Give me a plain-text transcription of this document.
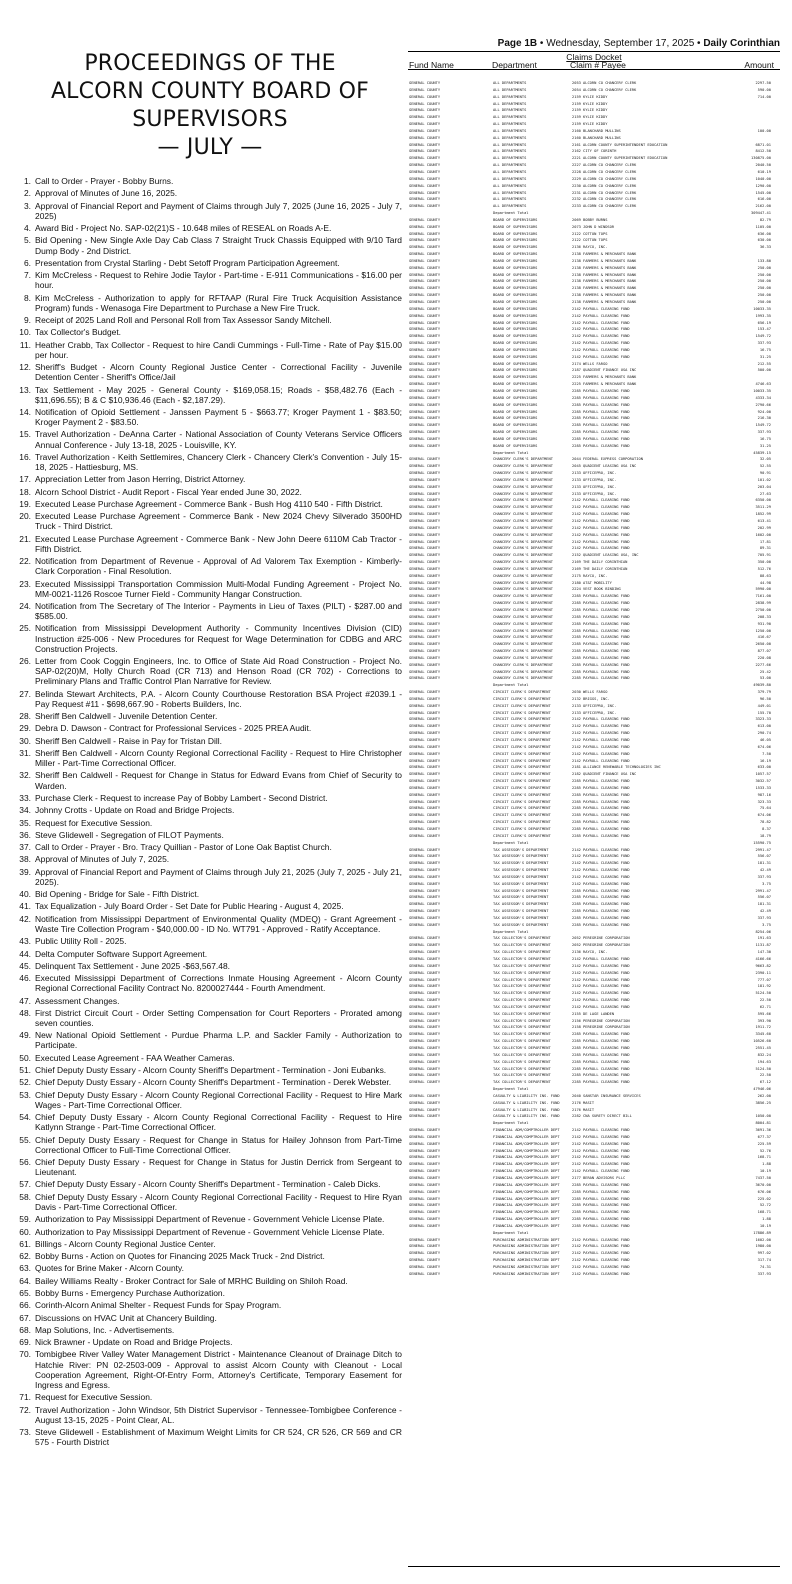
Page 1B • Wednesday, September 17, 2025 • Daily Corinthian
PROCEEDINGS OF THE
ALCORN COUNTY BOARD OF
SUPERVISORS
— JULY —
1. Call to Order - Prayer - Bobby Burns.
2. Approval of Minutes of June 16, 2025.
3. Approval of Financial Report and Payment of Claims through July 7, 2025 (June 16, 2025 - July 7, 2025)
4. Award Bid - Project No. SAP-02(21)S - 10.648 miles of RESEAL on Roads A-E.
5. Bid Opening - New Single Axle Day Cab Class 7 Straight Truck Chassis Equipped with 9/10 Tard Dump Body - 2nd District.
6. Presentation from Crystal Starling - Debt Setoff Program Participation Agreement.
7. Kim McCreless - Request to Rehire Jodie Taylor - Part-time - E-911 Communications - $16.00 per hour.
8. Kim McCreless - Authorization to apply for RFTAAP (Rural Fire Truck Acquisition Assistance Program) funds - Wenasoga Fire Department to Purchase a New Fire Truck.
9. Receipt of 2025 Land Roll and Personal Roll from Tax Assessor Sandy Mitchell.
10. Tax Collector's Budget.
11. Heather Crabb, Tax Collector - Request to hire Candi Cummings - Full-Time - Rate of Pay $15.00 per hour.
12. Sheriff's Budget - Alcorn County Regional Justice Center - Correctional Facility - Juvenile Detention Center - Sheriff's Office/Jail
13. Tax Settlement - May 2025 - General County - $169,058.15; Roads - $58,482.76 (Each - $11,696.55); B & C $10,936.46 (Each - $2,187.29).
14. Notification of Opioid Settlement - Janssen Payment 5 - $663.77; Kroger Payment 1 - $83.50; Kroger Payment 2 - $83.50.
15. Travel Authorization - DeAnna Carter - National Association of County Veterans Service Officers Annual Conference - July 13-18, 2025 - Louisville, KY.
16. Travel Authorization - Keith Settlemires, Chancery Clerk - Chancery Clerk's Convention - July 15-18, 2025 - Hattiesburg, MS.
17. Appreciation Letter from Jason Herring, District Attorney.
18. Alcorn School District - Audit Report - Fiscal Year ended June 30, 2022.
19. Executed Lease Purchase Agreement - Commerce Bank - Bush Hog 4110 540 - Fifth District.
20. Executed Lease Purchase Agreement - Commerce Bank - New 2024 Chevy Silverado 3500HD Truck - Third District.
21. Executed Lease Purchase Agreement - Commerce Bank - New John Deere 6110M Cab Tractor - Fifth District.
22. Notification from Department of Revenue - Approval of Ad Valorem Tax Exemption - Kimberly-Clark Corporation - Final Resolution.
23. Executed Mississippi Transportation Commission Multi-Modal Funding Agreement - Project No. MM-0021-1126 Roscoe Turner Field - Community Hangar Construction.
24. Notification from The Secretary of The Interior - Payments in Lieu of Taxes (PILT) - $287.00 and $585.00.
25. Notification from Mississippi Development Authority - Community Incentives Division (CID) Instruction #25-006 - New Procedures for Request for Wage Determination for CDBG and ARC Construction Projects.
26. Letter from Cook Coggin Engineers, Inc. to Office of State Aid Road Construction - Project No. SAP-02(20)M, Holly Church Road (CR 713) and Henson Road (CR 702) - Corrections to Preliminary Plans and Traffic Control Plan Narrative for Review.
27. Belinda Stewart Architects, P.A. - Alcorn County Courthouse Restoration BSA Project #2039.1 - Pay Request #11 - $698,667.90 - Roberts Builders, Inc.
28. Sheriff Ben Caldwell - Juvenile Detention Center.
29. Debra D. Dawson - Contract for Professional Services - 2025 PREA Audit.
30. Sheriff Ben Caldwell - Raise in Pay for Tristan Dill.
31. Sheriff Ben Caldwell - Alcorn County Regional Correctional Facility - Request to Hire Christopher Miller - Part-Time Correctional Officer.
32. Sheriff Ben Caldwell - Request for Change in Status for Edward Evans from Chief of Security to Warden.
33. Purchase Clerk - Request to increase Pay of Bobby Lambert - Second District.
34. Johnny Crotts - Update on Road and Bridge Projects.
35. Request for Executive Session.
36. Steve Glidewell - Segregation of FILOT Payments.
37. Call to Order - Prayer - Bro. Tracy Quillian - Pastor of Lone Oak Baptist Church.
38. Approval of Minutes of July 7, 2025.
39. Approval of Financial Report and Payment of Claims through July 21, 2025 (July 7, 2025 - July 21, 2025).
40. Bid Opening - Bridge for Sale - Fifth District.
41. Tax Equalization - July Board Order - Set Date for Public Hearing - August 4, 2025.
42. Notification from Mississippi Department of Environmental Quality (MDEQ) - Grant Agreement - Waste Tire Collection Program - $40,000.00 - ID No. WT791 - Approved - Ratify Acceptance.
43. Public Utility Roll - 2025.
44. Delta Computer Software Support Agreement.
45. Delinquent Tax Settlement - June 2025 -$63,567.48.
46. Executed Mississippi Department of Corrections Inmate Housing Agreement - Alcorn County Regional Correctional Facility Contract No. 8200027444 - Fourth Amendment.
47. Assessment Changes.
48. First District Circuit Court - Order Setting Compensation for Court Reporters - Prorated among seven counties.
49. New National Opioid Settlement - Purdue Pharma L.P. and Sackler Family - Authorization to Participate.
50. Executed Lease Agreement - FAA Weather Cameras.
51. Chief Deputy Dusty Essary - Alcorn County Sheriff's Department - Termination - Joni Eubanks.
52. Chief Deputy Dusty Essary - Alcorn County Sheriff's Department - Termination - Derek Webster.
53. Chief Deputy Dusty Essary - Alcorn County Regional Correctional Facility - Request to Hire Mark Wages - Part-Time Correctional Officer.
54. Chief Deputy Dusty Essary - Alcorn County Regional Correctional Facility - Request to Hire Katlynn Strange - Part-Time Correctional Officer.
55. Chief Deputy Dusty Essary - Request for Change in Status for Hailey Johnson from Part-Time Correctional Officer to Full-Time Correctional Officer.
56. Chief Deputy Dusty Essary - Request for Change in Status for Justin Derrick from Sergeant to Lieutenant.
57. Chief Deputy Dusty Essary - Alcorn County Sheriff's Department - Termination - Caleb Dicks.
58. Chief Deputy Dusty Essary - Alcorn County Regional Correctional Facility - Request to Hire Ryan Davis - Part-Time Correctional Officer.
59. Authorization to Pay Mississippi Department of Revenue - Government Vehicle License Plate.
60. Authorization to Pay Mississippi Department of Revenue - Government Vehicle License Plate.
61. Billings - Alcorn County Regional Justice Center.
62. Bobby Burns - Action on Quotes for Financing 2025 Mack Truck - 2nd District.
63. Quotes for Brine Maker - Alcorn County.
64. Bailey Williams Realty - Broker Contract for Sale of MRHC Building on Shiloh Road.
65. Bobby Burns - Emergency Purchase Authorization.
66. Corinth-Alcorn Animal Shelter - Request Funds for Spay Program.
67. Discussions on HVAC Unit at Chancery Building.
68. Map Solutions, Inc. - Advertisements.
69. Nick Brawner - Update on Road and Bridge Projects.
70. Tombigbee River Valley Water Management District - Maintenance Cleanout of Drainage Ditch to Hatchie River: PN 02-2503-009 - Approval to assist Alcorn County with Cleanout - Local Cooperation Agreement, Right-Of-Entry Form, Attorney's Certificate, Temporary Easement for Ingress and Egress.
71. Request for Executive Session.
72. Travel Authorization - John Windsor, 5th District Supervisor - Tennessee-Tombigbee Conference - August 13-15, 2025 - Point Clear, AL.
73. Steve Glidewell - Establishment of Maximum Weight Limits for CR 524, CR 526, CR 569 and CR 575 - Fourth District
Claims Docket
Fund Name	Department	Claim # Payee	Amount
GENERAL COUNTY	ALL DEPARTMENTS	2053 ALCORN CO CHANCERY CLERK	2297.50
GENERAL COUNTY	ALL DEPARTMENTS	2054 ALCORN CO CHANCERY CLERK	590.00
GENERAL COUNTY	ALL DEPARTMENTS	2159 KYLIE KIDDY	714.00
GENERAL COUNTY	ALL DEPARTMENTS	2159 KYLIE KIDDY
GENERAL COUNTY	ALL DEPARTMENTS	2159 KYLIE KIDDY
GENERAL COUNTY	ALL DEPARTMENTS	2159 KYLIE KIDDY
GENERAL COUNTY	ALL DEPARTMENTS	2159 KYLIE KIDDY
GENERAL COUNTY	ALL DEPARTMENTS	2160 BLANCHARD MULLINS	100.00
GENERAL COUNTY	ALL DEPARTMENTS	2160 BLANCHARD MULLINS
GENERAL COUNTY	ALL DEPARTMENTS	2161 ALCORN COUNTY SUPERINTENDENT EDUCATION	6871.01
GENERAL COUNTY	ALL DEPARTMENTS	2162 CITY OF CORINTH	8412.50
GENERAL COUNTY	ALL DEPARTMENTS	2221 ALCORN COUNTY SUPERINTENDENT EDUCATION	130875.00
GENERAL COUNTY	ALL DEPARTMENTS	2227 ALCORN CO CHANCERY CLERK	2040.50
GENERAL COUNTY	ALL DEPARTMENTS	2228 ALCORN CO CHANCERY CLERK	610.19
GENERAL COUNTY	ALL DEPARTMENTS	2229 ALCORN CO CHANCERY CLERK	1040.00
GENERAL COUNTY	ALL DEPARTMENTS	2230 ALCORN CO CHANCERY CLERK	1290.00
GENERAL COUNTY	ALL DEPARTMENTS	2231 ALCORN CO CHANCERY CLERK	1545.00
GENERAL COUNTY	ALL DEPARTMENTS	2232 ALCORN CO CHANCERY CLERK	616.00
GENERAL COUNTY	ALL DEPARTMENTS	2233 ALCORN CO CHANCERY CLERK	2162.00
Department Total	309447.41
GENERAL COUNTY	BOARD OF SUPERVISORS	2069 BOBBY BURNS	82.79
GENERAL COUNTY	BOARD OF SUPERVISORS	2073 JOHN D WINDSOR	1105.00
GENERAL COUNTY	BOARD OF SUPERVISORS	2122 COTTON TOPS	636.00
GENERAL COUNTY	BOARD OF SUPERVISORS	2122 COTTON TOPS	630.00
GENERAL COUNTY	BOARD OF SUPERVISORS	2136 RAYCO, INC.	36.33
GENERAL COUNTY	BOARD OF SUPERVISORS	2138 FARMERS & MERCHANTS BANK
GENERAL COUNTY	BOARD OF SUPERVISORS	2138 FARMERS & MERCHANTS BANK	133.80
GENERAL COUNTY	BOARD OF SUPERVISORS	2138 FARMERS & MERCHANTS BANK	250.00
GENERAL COUNTY	BOARD OF SUPERVISORS	2138 FARMERS & MERCHANTS BANK	250.00
GENERAL COUNTY	BOARD OF SUPERVISORS	2138 FARMERS & MERCHANTS BANK	250.00
GENERAL COUNTY	BOARD OF SUPERVISORS	2138 FARMERS & MERCHANTS BANK	250.00
GENERAL COUNTY	BOARD OF SUPERVISORS	2138 FARMERS & MERCHANTS BANK	250.00
GENERAL COUNTY	BOARD OF SUPERVISORS	2138 FARMERS & MERCHANTS BANK	250.00
GENERAL COUNTY	BOARD OF SUPERVISORS	2142 PAYROLL CLEARING FUND	10033.35
GENERAL COUNTY	BOARD OF SUPERVISORS	2142 PAYROLL CLEARING FUND	1993.35
GENERAL COUNTY	BOARD OF SUPERVISORS	2142 PAYROLL CLEARING FUND	656.19
GENERAL COUNTY	BOARD OF SUPERVISORS	2142 PAYROLL CLEARING FUND	153.47
GENERAL COUNTY	BOARD OF SUPERVISORS	2142 PAYROLL CLEARING FUND	1549.72
GENERAL COUNTY	BOARD OF SUPERVISORS	2142 PAYROLL CLEARING FUND	337.93
GENERAL COUNTY	BOARD OF SUPERVISORS	2142 PAYROLL CLEARING FUND	16.75
GENERAL COUNTY	BOARD OF SUPERVISORS	2142 PAYROLL CLEARING FUND	31.25
GENERAL COUNTY	BOARD OF SUPERVISORS	2174 WELLS FARGO	212.55
GENERAL COUNTY	BOARD OF SUPERVISORS	2187 QUADIENT FINANCE USA INC	500.00
GENERAL COUNTY	BOARD OF SUPERVISORS	2225 FARMERS & MERCHANTS BANK
GENERAL COUNTY	BOARD OF SUPERVISORS	2225 FARMERS & MERCHANTS BANK	4746.63
GENERAL COUNTY	BOARD OF SUPERVISORS	2285 PAYROLL CLEARING FUND	10033.35
GENERAL COUNTY	BOARD OF SUPERVISORS	2285 PAYROLL CLEARING FUND	4333.34
GENERAL COUNTY	BOARD OF SUPERVISORS	2285 PAYROLL CLEARING FUND	2790.66
GENERAL COUNTY	BOARD OF SUPERVISORS	2285 PAYROLL CLEARING FUND	924.00
GENERAL COUNTY	BOARD OF SUPERVISORS	2285 PAYROLL CLEARING FUND	216.30
GENERAL COUNTY	BOARD OF SUPERVISORS	2285 PAYROLL CLEARING FUND	1549.72
GENERAL COUNTY	BOARD OF SUPERVISORS	2285 PAYROLL CLEARING FUND	337.93
GENERAL COUNTY	BOARD OF SUPERVISORS	2285 PAYROLL CLEARING FUND	16.75
GENERAL COUNTY	BOARD OF SUPERVISORS	2285 PAYROLL CLEARING FUND	31.25
Department Total	45839.15
GENERAL COUNTY	CHANCERY CLERK'S DEPARTMENT	2044 FEDERAL EXPRESS CORPORATION	32.05
GENERAL COUNTY	CHANCERY CLERK'S DEPARTMENT	2045 QUADIENT LEASING USA INC	52.55
GENERAL COUNTY	CHANCERY CLERK'S DEPARTMENT	2133 OFFICEPRO, INC.	90.91
GENERAL COUNTY	CHANCERY CLERK'S DEPARTMENT	2133 OFFICEPRO, INC.	101.02
GENERAL COUNTY	CHANCERY CLERK'S DEPARTMENT	2133 OFFICEPRO, INC.	203.04
GENERAL COUNTY	CHANCERY CLERK'S DEPARTMENT	2133 OFFICEPRO, INC.	27.63
GENERAL COUNTY	CHANCERY CLERK'S DEPARTMENT	2142 PAYROLL CLEARING FUND	6350.00
GENERAL COUNTY	CHANCERY CLERK'S DEPARTMENT	2142 PAYROLL CLEARING FUND	3511.29
GENERAL COUNTY	CHANCERY CLERK'S DEPARTMENT	2142 PAYROLL CLEARING FUND	1852.99
GENERAL COUNTY	CHANCERY CLERK'S DEPARTMENT	2142 PAYROLL CLEARING FUND	613.41
GENERAL COUNTY	CHANCERY CLERK'S DEPARTMENT	2142 PAYROLL CLEARING FUND	202.99
GENERAL COUNTY	CHANCERY CLERK'S DEPARTMENT	2142 PAYROLL CLEARING FUND	1602.00
GENERAL COUNTY	CHANCERY CLERK'S DEPARTMENT	2142 PAYROLL CLEARING FUND	17.81
GENERAL COUNTY	CHANCERY CLERK'S DEPARTMENT	2142 PAYROLL CLEARING FUND	89.31
GENERAL COUNTY	CHANCERY CLERK'S DEPARTMENT	2152 QUADIENT LEASING USA, INC	705.91
GENERAL COUNTY	CHANCERY CLERK'S DEPARTMENT	2169 THE DAILY CORINTHIAN	350.00
GENERAL COUNTY	CHANCERY CLERK'S DEPARTMENT	2169 THE DAILY CORINTHIAN	512.76
GENERAL COUNTY	CHANCERY CLERK'S DEPARTMENT	2175 RAYCO, INC.	88.63
GENERAL COUNTY	CHANCERY CLERK'S DEPARTMENT	2180 AT&T MOBILITY	44.98
GENERAL COUNTY	CHANCERY CLERK'S DEPARTMENT	2224 VEST BOOK BINDING	5990.00
GENERAL COUNTY	CHANCERY CLERK'S DEPARTMENT	2285 PAYROLL CLEARING FUND	7161.00
GENERAL COUNTY	CHANCERY CLERK'S DEPARTMENT	2285 PAYROLL CLEARING FUND	2838.99
GENERAL COUNTY	CHANCERY CLERK'S DEPARTMENT	2285 PAYROLL CLEARING FUND	2750.00
GENERAL COUNTY	CHANCERY CLERK'S DEPARTMENT	2285 PAYROLL CLEARING FUND	208.33
GENERAL COUNTY	CHANCERY CLERK'S DEPARTMENT	2285 PAYROLL CLEARING FUND	931.90
GENERAL COUNTY	CHANCERY CLERK'S DEPARTMENT	2285 PAYROLL CLEARING FUND	1250.00
GENERAL COUNTY	CHANCERY CLERK'S DEPARTMENT	2285 PAYROLL CLEARING FUND	416.67
GENERAL COUNTY	CHANCERY CLERK'S DEPARTMENT	2285 PAYROLL CLEARING FUND	2650.00
GENERAL COUNTY	CHANCERY CLERK'S DEPARTMENT	2285 PAYROLL CLEARING FUND	877.07
GENERAL COUNTY	CHANCERY CLERK'S DEPARTMENT	2285 PAYROLL CLEARING FUND	220.08
GENERAL COUNTY	CHANCERY CLERK'S DEPARTMENT	2285 PAYROLL CLEARING FUND	2277.66
GENERAL COUNTY	CHANCERY CLERK'S DEPARTMENT	2285 PAYROLL CLEARING FUND	25.42
GENERAL COUNTY	CHANCERY CLERK'S DEPARTMENT	2285 PAYROLL CLEARING FUND	53.00
Department Total	49039.80
GENERAL COUNTY	CIRCUIT CLERK'S DEPARTMENT	2030 WELLS FARGO	379.79
GENERAL COUNTY	CIRCUIT CLERK'S DEPARTMENT	2132 BRIGGS, INC.	96.50
GENERAL COUNTY	CIRCUIT CLERK'S DEPARTMENT	2133 OFFICEPRO, INC.	449.01
GENERAL COUNTY	CIRCUIT CLERK'S DEPARTMENT	2133 OFFICEPRO, INC.	155.70
GENERAL COUNTY	CIRCUIT CLERK'S DEPARTMENT	2142 PAYROLL CLEARING FUND	3323.33
GENERAL COUNTY	CIRCUIT CLERK'S DEPARTMENT	2142 PAYROLL CLEARING FUND	613.00
GENERAL COUNTY	CIRCUIT CLERK'S DEPARTMENT	2142 PAYROLL CLEARING FUND	290.74
GENERAL COUNTY	CIRCUIT CLERK'S DEPARTMENT	2142 PAYROLL CLEARING FUND	46.05
GENERAL COUNTY	CIRCUIT CLERK'S DEPARTMENT	2142 PAYROLL CLEARING FUND	674.06
GENERAL COUNTY	CIRCUIT CLERK'S DEPARTMENT	2142 PAYROLL CLEARING FUND	7.50
GENERAL COUNTY	CIRCUIT CLERK'S DEPARTMENT	2142 PAYROLL CLEARING FUND	16.19
GENERAL COUNTY	CIRCUIT CLERK'S DEPARTMENT	2181 ALLIANCE RENEWABLE TECHNOLOGIES INC	633.00
GENERAL COUNTY	CIRCUIT CLERK'S DEPARTMENT	2182 QUADIENT FINANCE USA INC	1057.57
GENERAL COUNTY	CIRCUIT CLERK'S DEPARTMENT	2285 PAYROLL CLEARING FUND	3032.57
GENERAL COUNTY	CIRCUIT CLERK'S DEPARTMENT	2285 PAYROLL CLEARING FUND	1533.33
GENERAL COUNTY	CIRCUIT CLERK'S DEPARTMENT	2285 PAYROLL CLEARING FUND	987.16
GENERAL COUNTY	CIRCUIT CLERK'S DEPARTMENT	2285 PAYROLL CLEARING FUND	323.33
GENERAL COUNTY	CIRCUIT CLERK'S DEPARTMENT	2285 PAYROLL CLEARING FUND	75.64
GENERAL COUNTY	CIRCUIT CLERK'S DEPARTMENT	2285 PAYROLL CLEARING FUND	674.06
GENERAL COUNTY	CIRCUIT CLERK'S DEPARTMENT	2285 PAYROLL CLEARING FUND	78.82
GENERAL COUNTY	CIRCUIT CLERK'S DEPARTMENT	2285 PAYROLL CLEARING FUND	8.37
GENERAL COUNTY	CIRCUIT CLERK'S DEPARTMENT	2285 PAYROLL CLEARING FUND	18.79
Department Total	15590.75
GENERAL COUNTY	TAX ASSESSOR'S DEPARTMENT	2142 PAYROLL CLEARING FUND	2991.47
GENERAL COUNTY	TAX ASSESSOR'S DEPARTMENT	2142 PAYROLL CLEARING FUND	556.07
GENERAL COUNTY	TAX ASSESSOR'S DEPARTMENT	2142 PAYROLL CLEARING FUND	181.31
GENERAL COUNTY	TAX ASSESSOR'S DEPARTMENT	2142 PAYROLL CLEARING FUND	42.49
GENERAL COUNTY	TAX ASSESSOR'S DEPARTMENT	2142 PAYROLL CLEARING FUND	337.93
GENERAL COUNTY	TAX ASSESSOR'S DEPARTMENT	2142 PAYROLL CLEARING FUND	3.75
GENERAL COUNTY	TAX ASSESSOR'S DEPARTMENT	2285 PAYROLL CLEARING FUND	2991.47
GENERAL COUNTY	TAX ASSESSOR'S DEPARTMENT	2285 PAYROLL CLEARING FUND	556.07
GENERAL COUNTY	TAX ASSESSOR'S DEPARTMENT	2285 PAYROLL CLEARING FUND	181.31
GENERAL COUNTY	TAX ASSESSOR'S DEPARTMENT	2285 PAYROLL CLEARING FUND	42.49
GENERAL COUNTY	TAX ASSESSOR'S DEPARTMENT	2285 PAYROLL CLEARING FUND	337.93
GENERAL COUNTY	TAX ASSESSOR'S DEPARTMENT	2285 PAYROLL CLEARING FUND	3.75
Department Total	8254.06
GENERAL COUNTY	TAX COLLECTOR'S DEPARTMENT	2052 PEREGRINE CORPORATION	191.63
GENERAL COUNTY	TAX COLLECTOR'S DEPARTMENT	2052 PEREGRINE CORPORATION	1131.87
GENERAL COUNTY	TAX COLLECTOR'S DEPARTMENT	2136 RAYCO, INC.	147.30
GENERAL COUNTY	TAX COLLECTOR'S DEPARTMENT	2142 PAYROLL CLEARING FUND	4166.66
GENERAL COUNTY	TAX COLLECTOR'S DEPARTMENT	2142 PAYROLL CLEARING FUND	9663.82
GENERAL COUNTY	TAX COLLECTOR'S DEPARTMENT	2142 PAYROLL CLEARING FUND	2390.11
GENERAL COUNTY	TAX COLLECTOR'S DEPARTMENT	2142 PAYROLL CLEARING FUND	777.07
GENERAL COUNTY	TAX COLLECTOR'S DEPARTMENT	2142 PAYROLL CLEARING FUND	181.92
GENERAL COUNTY	TAX COLLECTOR'S DEPARTMENT	2142 PAYROLL CLEARING FUND	5124.50
GENERAL COUNTY	TAX COLLECTOR'S DEPARTMENT	2142 PAYROLL CLEARING FUND	22.50
GENERAL COUNTY	TAX COLLECTOR'S DEPARTMENT	2142 PAYROLL CLEARING FUND	62.71
GENERAL COUNTY	TAX COLLECTOR'S DEPARTMENT	2155 DE LAGE LANDEN	595.66
GENERAL COUNTY	TAX COLLECTOR'S DEPARTMENT	2156 PEREGRINE CORPORATION	393.90
GENERAL COUNTY	TAX COLLECTOR'S DEPARTMENT	2158 PEREGRINE CORPORATION	1911.72
GENERAL COUNTY	TAX COLLECTOR'S DEPARTMENT	2285 PAYROLL CLEARING FUND	3345.60
GENERAL COUNTY	TAX COLLECTOR'S DEPARTMENT	2285 PAYROLL CLEARING FUND	10526.60
GENERAL COUNTY	TAX COLLECTOR'S DEPARTMENT	2285 PAYROLL CLEARING FUND	2551.45
GENERAL COUNTY	TAX COLLECTOR'S DEPARTMENT	2285 PAYROLL CLEARING FUND	832.24
GENERAL COUNTY	TAX COLLECTOR'S DEPARTMENT	2285 PAYROLL CLEARING FUND	194.63
GENERAL COUNTY	TAX COLLECTOR'S DEPARTMENT	2285 PAYROLL CLEARING FUND	5124.50
GENERAL COUNTY	TAX COLLECTOR'S DEPARTMENT	2285 PAYROLL CLEARING FUND	22.50
GENERAL COUNTY	TAX COLLECTOR'S DEPARTMENT	2285 PAYROLL CLEARING FUND	67.12
Department Total	47946.06
GENERAL COUNTY	CASUALTY & LIABILITY INS. FUND	2040 SANSTAR INSURANCE SERVICES	262.00
GENERAL COUNTY	CASUALTY & LIABILITY INS. FUND	2176 MASIT	3856.25
GENERAL COUNTY	CASUALTY & LIABILITY INS. FUND	2176 MASIT
GENERAL COUNTY	CASUALTY & LIABILITY INS. FUND	2282 CNA SURETY DIRECT BILL	1050.00
Department Total	8004.81
GENERAL COUNTY	FINANCIAL ADM/COMPTROLLER DEPT	2142 PAYROLL CLEARING FUND	3691.36
GENERAL COUNTY	FINANCIAL ADM/COMPTROLLER DEPT	2142 PAYROLL CLEARING FUND	677.37
GENERAL COUNTY	FINANCIAL ADM/COMPTROLLER DEPT	2142 PAYROLL CLEARING FUND	225.59
GENERAL COUNTY	FINANCIAL ADM/COMPTROLLER DEPT	2142 PAYROLL CLEARING FUND	52.76
GENERAL COUNTY	FINANCIAL ADM/COMPTROLLER DEPT	2142 PAYROLL CLEARING FUND	168.71
GENERAL COUNTY	FINANCIAL ADM/COMPTROLLER DEPT	2142 PAYROLL CLEARING FUND	1.88
GENERAL COUNTY	FINANCIAL ADM/COMPTROLLER DEPT	2142 PAYROLL CLEARING FUND	10.19
GENERAL COUNTY	FINANCIAL ADM/COMPTROLLER DEPT	2177 BERAN ADVISORS PLLC	7437.50
GENERAL COUNTY	FINANCIAL ADM/COMPTROLLER DEPT	2285 PAYROLL CLEARING FUND	3670.00
GENERAL COUNTY	FINANCIAL ADM/COMPTROLLER DEPT	2285 PAYROLL CLEARING FUND	676.06
GENERAL COUNTY	FINANCIAL ADM/COMPTROLLER DEPT	2285 PAYROLL CLEARING FUND	225.02
GENERAL COUNTY	FINANCIAL ADM/COMPTROLLER DEPT	2285 PAYROLL CLEARING FUND	52.72
GENERAL COUNTY	FINANCIAL ADM/COMPTROLLER DEPT	2285 PAYROLL CLEARING FUND	168.71
GENERAL COUNTY	FINANCIAL ADM/COMPTROLLER DEPT	2285 PAYROLL CLEARING FUND	1.88
GENERAL COUNTY	FINANCIAL ADM/COMPTROLLER DEPT	2285 PAYROLL CLEARING FUND	10.19
Department Total	17886.89
GENERAL COUNTY	PURCHASING ADMINISTRATION DEPT	2142 PAYROLL CLEARING FUND	1602.00
GENERAL COUNTY	PURCHASING ADMINISTRATION DEPT	2142 PAYROLL CLEARING FUND	1980.00
GENERAL COUNTY	PURCHASING ADMINISTRATION DEPT	2142 PAYROLL CLEARING FUND	997.02
GENERAL COUNTY	PURCHASING ADMINISTRATION DEPT	2142 PAYROLL CLEARING FUND	317.74
GENERAL COUNTY	PURCHASING ADMINISTRATION DEPT	2142 PAYROLL CLEARING FUND	74.31
GENERAL COUNTY	PURCHASING ADMINISTRATION DEPT	2142 PAYROLL CLEARING FUND	337.93
